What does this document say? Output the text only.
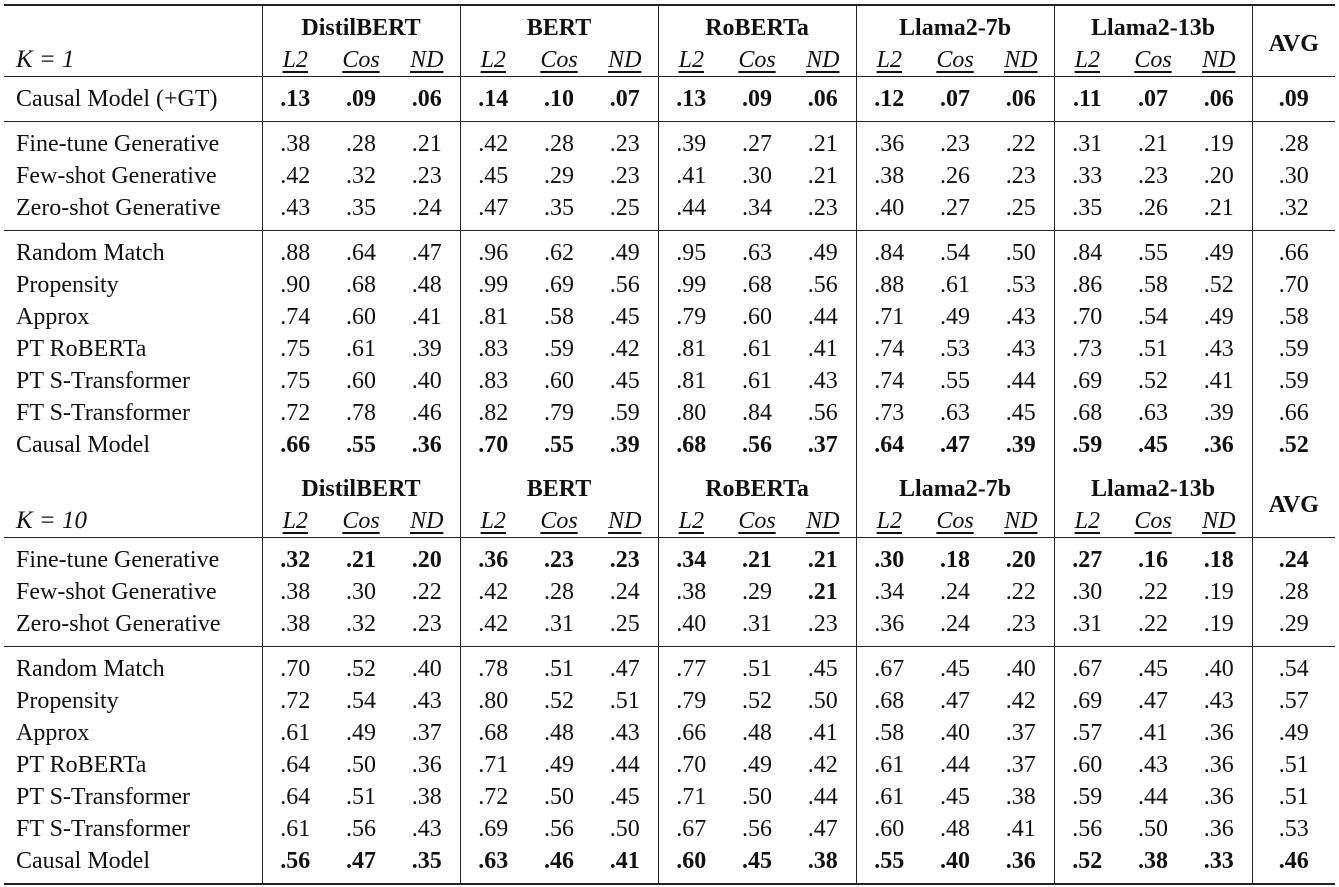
	DistilBERT			BERT			RoBERTa			Llama2-7b			Llama2-13b			AVG
K = 1	L2	Cos	ND	L2	Cos	ND	L2	Cos	ND	L2	Cos	ND	L2	Cos	ND	
Causal Model (+GT)	.13	.09	.06	.14	.10	.07	.13	.09	.06	.12	.07	.06	.11	.07	.06	.09
Fine-tune Generative	.38	.28	.21	.42	.28	.23	.39	.27	.21	.36	.23	.22	.31	.21	.19	.28
Few-shot Generative	.42	.32	.23	.45	.29	.23	.41	.30	.21	.38	.26	.23	.33	.23	.20	.30
Zero-shot Generative	.43	.35	.24	.47	.35	.25	.44	.34	.23	.40	.27	.25	.35	.26	.21	.32
Random Match	.88	.64	.47	.96	.62	.49	.95	.63	.49	.84	.54	.50	.84	.55	.49	.66
Propensity	.90	.68	.48	.99	.69	.56	.99	.68	.56	.88	.61	.53	.86	.58	.52	.70
Approx	.74	.60	.41	.81	.58	.45	.79	.60	.44	.71	.49	.43	.70	.54	.49	.58
PT RoBERTa	.75	.61	.39	.83	.59	.42	.81	.61	.41	.74	.53	.43	.73	.51	.43	.59
PT S-Transformer	.75	.60	.40	.83	.60	.45	.81	.61	.43	.74	.55	.44	.69	.52	.41	.59
FT S-Transformer	.72	.78	.46	.82	.79	.59	.80	.84	.56	.73	.63	.45	.68	.63	.39	.66
Causal Model	.66	.55	.36	.70	.55	.39	.68	.56	.37	.64	.47	.39	.59	.45	.36	.52
	DistilBERT			BERT			RoBERTa			Llama2-7b			Llama2-13b			AVG
K = 10	L2	Cos	ND	L2	Cos	ND	L2	Cos	ND	L2	Cos	ND	L2	Cos	ND	
Fine-tune Generative	.32	.21	.20	.36	.23	.23	.34	.21	.21	.30	.18	.20	.27	.16	.18	.24
Few-shot Generative	.38	.30	.22	.42	.28	.24	.38	.29	.21	.34	.24	.22	.30	.22	.19	.28
Zero-shot Generative	.38	.32	.23	.42	.31	.25	.40	.31	.23	.36	.24	.23	.31	.22	.19	.29
Random Match	.70	.52	.40	.78	.51	.47	.77	.51	.45	.67	.45	.40	.67	.45	.40	.54
Propensity	.72	.54	.43	.80	.52	.51	.79	.52	.50	.68	.47	.42	.69	.47	.43	.57
Approx	.61	.49	.37	.68	.48	.43	.66	.48	.41	.58	.40	.37	.57	.41	.36	.49
PT RoBERTa	.64	.50	.36	.71	.49	.44	.70	.49	.42	.61	.44	.37	.60	.43	.36	.51
PT S-Transformer	.64	.51	.38	.72	.50	.45	.71	.50	.44	.61	.45	.38	.59	.44	.36	.51
FT S-Transformer	.61	.56	.43	.69	.56	.50	.67	.56	.47	.60	.48	.41	.56	.50	.36	.53
Causal Model	.56	.47	.35	.63	.46	.41	.60	.45	.38	.55	.40	.36	.52	.38	.33	.46
